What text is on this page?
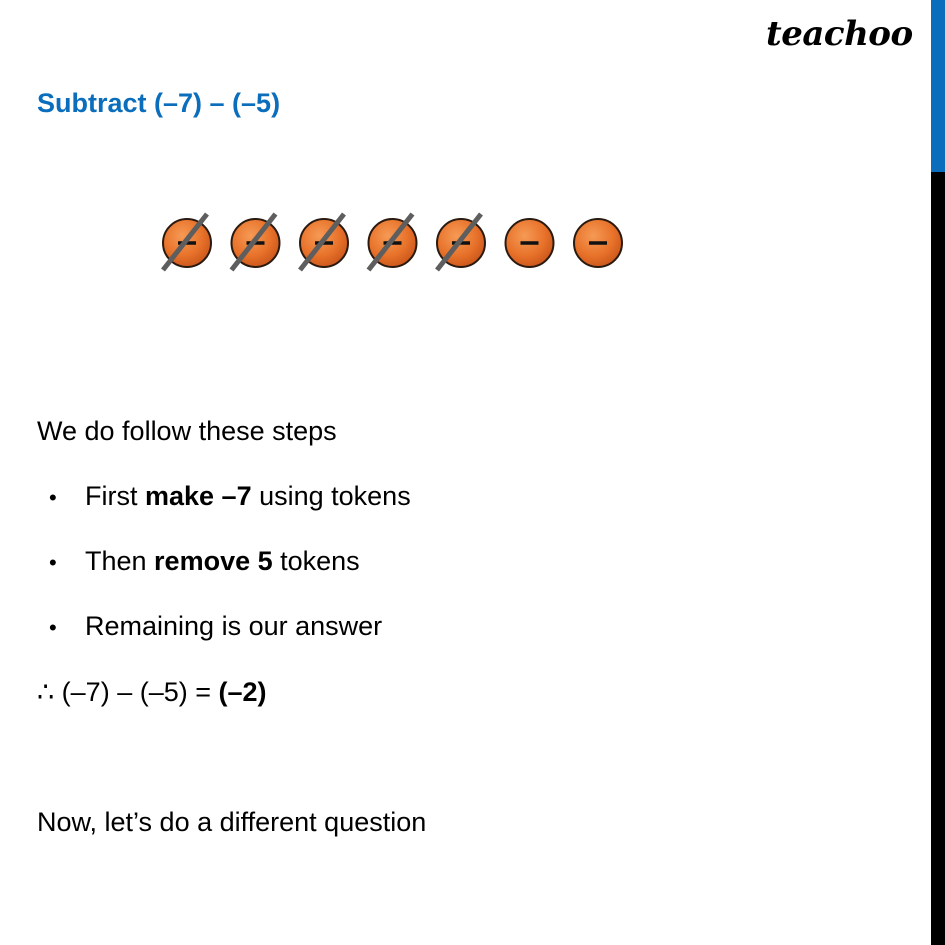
teachoo
Subtract (–7) – (–5)
We do follow these steps
• First make –7 using tokens
• Then remove 5 tokens
• Remaining is our answer
∴ (–7) – (–5) = (–2)
Now, let’s do a different question
